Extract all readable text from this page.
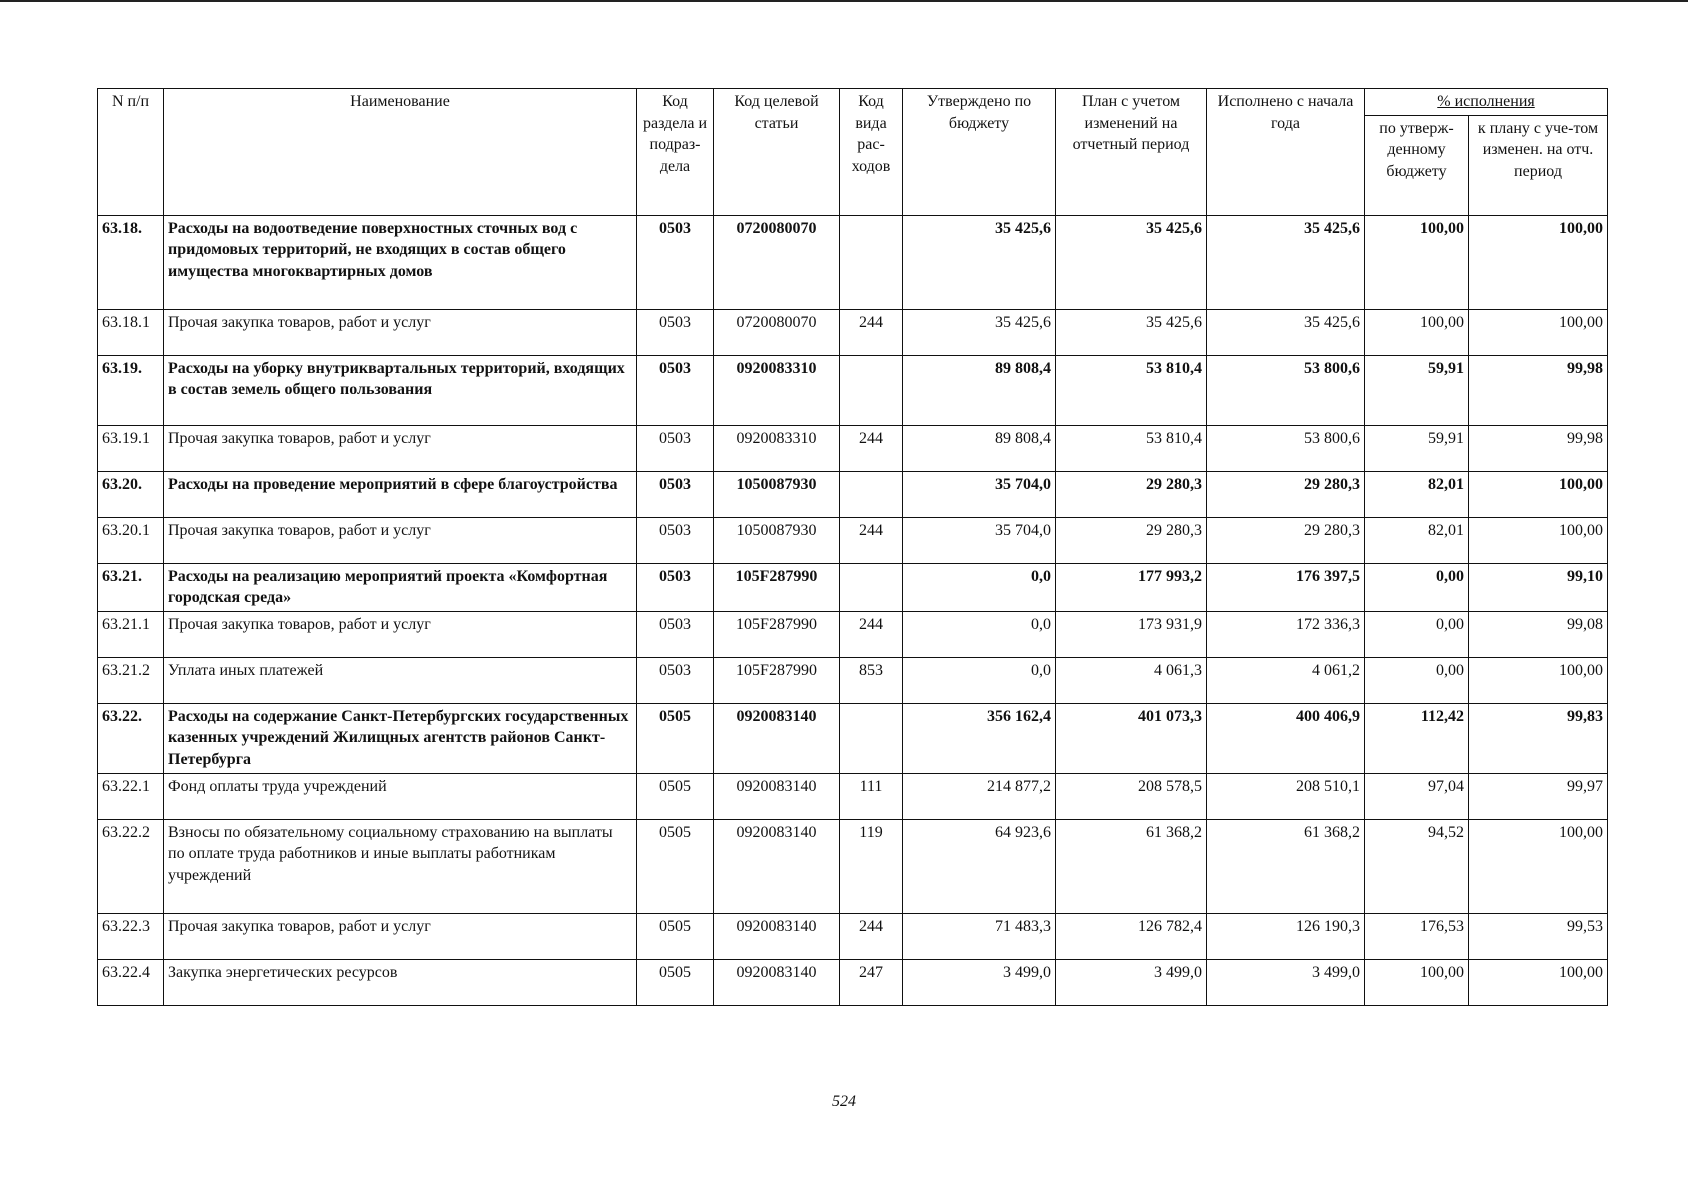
N п/п	Наименование	Код раздела и подраз-дела	Код целевой статьи	Код вида рас-ходов	Утверждено по бюджету	План с учетом изменений на отчетный период	Исполнено с начала года	% исполнения	
								по утверж-денному бюджету	к плану с уче-том изменен. на отч. период
63.18.	Расходы на водоотведение поверхностных сточных вод с придомовых территорий, не входящих в состав общего имущества многоквартирных домов	0503	0720080070		35 425,6	35 425,6	35 425,6	100,00	100,00
63.18.1	Прочая закупка товаров, работ и услуг	0503	0720080070	244	35 425,6	35 425,6	35 425,6	100,00	100,00
63.19.	Расходы на уборку внутриквартальных территорий, входящих в состав земель общего пользования	0503	0920083310		89 808,4	53 810,4	53 800,6	59,91	99,98
63.19.1	Прочая закупка товаров, работ и услуг	0503	0920083310	244	89 808,4	53 810,4	53 800,6	59,91	99,98
63.20.	Расходы на проведение мероприятий в сфере благоустройства	0503	1050087930		35 704,0	29 280,3	29 280,3	82,01	100,00
63.20.1	Прочая закупка товаров, работ и услуг	0503	1050087930	244	35 704,0	29 280,3	29 280,3	82,01	100,00
63.21.	Расходы на реализацию мероприятий проекта «Комфортная городская среда»	0503	105F287990		0,0	177 993,2	176 397,5	0,00	99,10
63.21.1	Прочая закупка товаров, работ и услуг	0503	105F287990	244	0,0	173 931,9	172 336,3	0,00	99,08
63.21.2	Уплата иных платежей	0503	105F287990	853	0,0	4 061,3	4 061,2	0,00	100,00
63.22.	Расходы на содержание Санкт-Петербургских государственных казенных учреждений Жилищных агентств районов Санкт-Петербурга	0505	0920083140		356 162,4	401 073,3	400 406,9	112,42	99,83
63.22.1	Фонд оплаты труда учреждений	0505	0920083140	111	214 877,2	208 578,5	208 510,1	97,04	99,97
63.22.2	Взносы по обязательному социальному страхованию на выплаты по оплате труда работников и иные выплаты работникам учреждений	0505	0920083140	119	64 923,6	61 368,2	61 368,2	94,52	100,00
63.22.3	Прочая закупка товаров, работ и услуг	0505	0920083140	244	71 483,3	126 782,4	126 190,3	176,53	99,53
63.22.4	Закупка энергетических ресурсов	0505	0920083140	247	3 499,0	3 499,0	3 499,0	100,00	100,00
524
